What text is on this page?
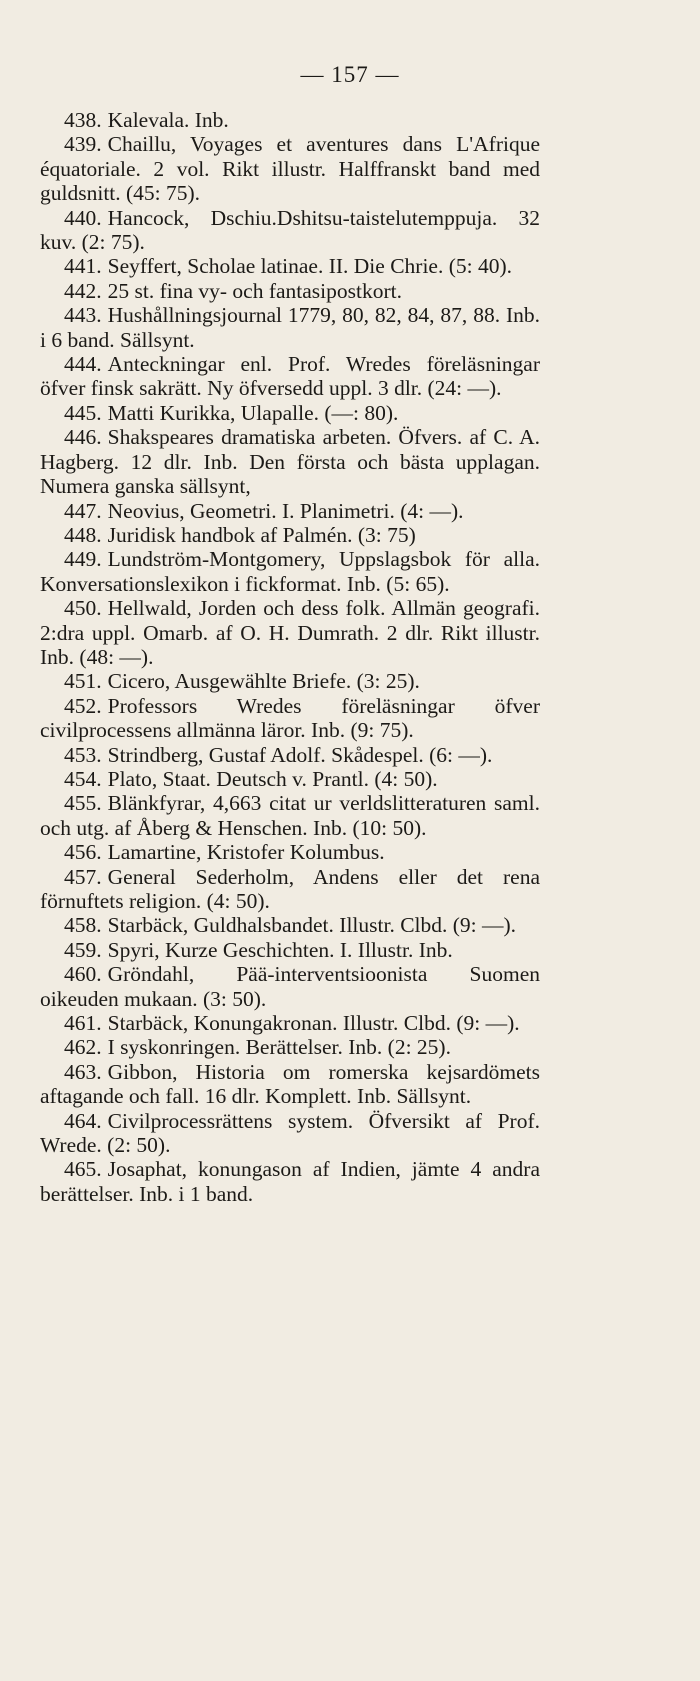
— 157 —
438. Kalevala. Inb.
439. Chaillu, Voyages et aventures dans L'Afrique équatoriale. 2 vol. Rikt illustr. Halffranskt band med guldsnitt. (45: 75).
440. Hancock, Dschiu.Dshitsu-taistelutemppuja. 32 kuv. (2: 75).
441. Seyffert, Scholae latinae. II. Die Chrie. (5: 40).
442. 25 st. fina vy- och fantasipostkort.
443. Hushållningsjournal 1779, 80, 82, 84, 87, 88. Inb. i 6 band. Sällsynt.
444. Anteckningar enl. Prof. Wredes föreläsningar öfver finsk sakrätt. Ny öfversedd uppl. 3 dlr. (24: —).
445. Matti Kurikka, Ulapalle. (—: 80).
446. Shakspeares dramatiska arbeten. Öfvers. af C. A. Hagberg. 12 dlr. Inb. Den första och bästa upplagan. Numera ganska sällsynt,
447. Neovius, Geometri. I. Planimetri. (4: —).
448. Juridisk handbok af Palmén. (3: 75)
449. Lundström-Montgomery, Uppslagsbok för alla. Konversationslexikon i fickformat. Inb. (5: 65).
450. Hellwald, Jorden och dess folk. Allmän geografi. 2:dra uppl. Omarb. af O. H. Dumrath. 2 dlr. Rikt illustr. Inb. (48: —).
451. Cicero, Ausgewählte Briefe. (3: 25).
452. Professors Wredes föreläsningar öfver civilprocessens allmänna läror. Inb. (9: 75).
453. Strindberg, Gustaf Adolf. Skådespel. (6: —).
454. Plato, Staat. Deutsch v. Prantl. (4: 50).
455. Blänkfyrar, 4,663 citat ur verldslitteraturen saml. och utg. af Åberg & Henschen. Inb. (10: 50).
456. Lamartine, Kristofer Kolumbus.
457. General Sederholm, Andens eller det rena förnuftets religion. (4: 50).
458. Starbäck, Guldhalsbandet. Illustr. Clbd. (9: —).
459. Spyri, Kurze Geschichten. I. Illustr. Inb.
460. Gröndahl, Pää-interventsioonista Suomen oikeuden mukaan. (3: 50).
461. Starbäck, Konungakronan. Illustr. Clbd. (9: —).
462. I syskonringen. Berättelser. Inb. (2: 25).
463. Gibbon, Historia om romerska kejsardömets aftagande och fall. 16 dlr. Komplett. Inb. Sällsynt.
464. Civilprocessrättens system. Öfversikt af Prof. Wrede. (2: 50).
465. Josaphat, konungason af Indien, jämte 4 andra berättelser. Inb. i 1 band.
